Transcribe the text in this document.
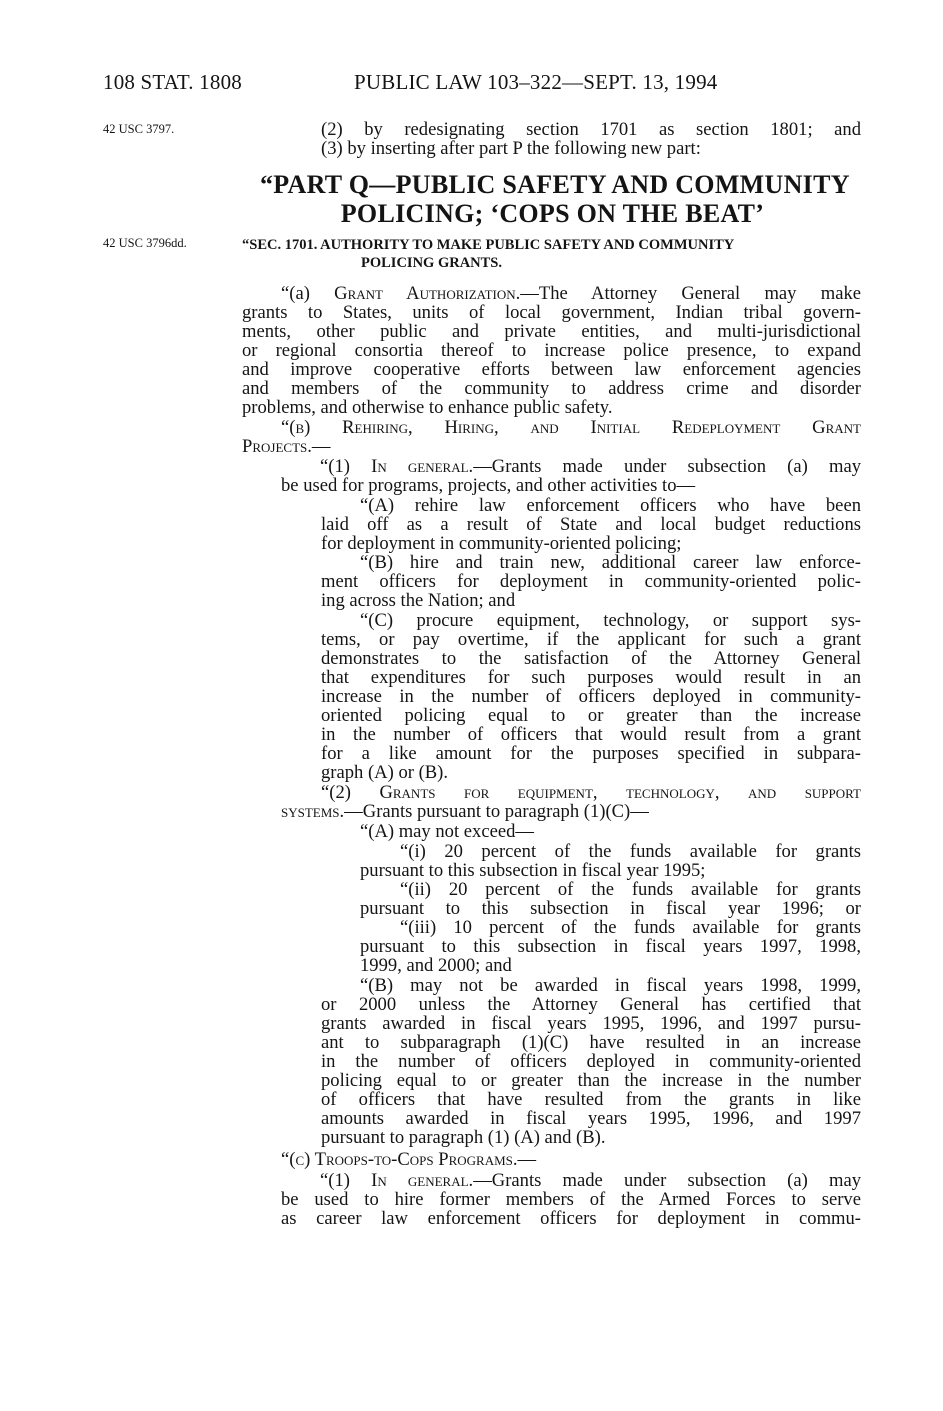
108 STAT. 1808	PUBLIC LAW 103–322—SEPT. 13, 1994
42 USC 3797.
42 USC 3796dd.
(2) by redesignating section 1701 as section 1801; and
(3) by inserting after part P the following new part:
“PART Q—PUBLIC SAFETY AND COMMUNITY
POLICING; ‘COPS ON THE BEAT’
“SEC. 1701. AUTHORITY TO MAKE PUBLIC SAFETY AND COMMUNITY
POLICING GRANTS.
“(a) Grant Authorization.—The Attorney General may make
grants to States, units of local government, Indian tribal govern-
ments, other public and private entities, and multi-jurisdictional
or regional consortia thereof to increase police presence, to expand
and improve cooperative efforts between law enforcement agencies
and members of the community to address crime and disorder
problems, and otherwise to enhance public safety.
“(b) Rehiring, Hiring, and Initial Redeployment Grant
Projects.—
“(1) In general.—Grants made under subsection (a) may
be used for programs, projects, and other activities to—
“(A) rehire law enforcement officers who have been
laid off as a result of State and local budget reductions
for deployment in community-oriented policing;
“(B) hire and train new, additional career law enforce-
ment officers for deployment in community-oriented polic-
ing across the Nation; and
“(C) procure equipment, technology, or support sys-
tems, or pay overtime, if the applicant for such a grant
demonstrates to the satisfaction of the Attorney General
that expenditures for such purposes would result in an
increase in the number of officers deployed in community-
oriented policing equal to or greater than the increase
in the number of officers that would result from a grant
for a like amount for the purposes specified in subpara-
graph (A) or (B).
“(2) Grants for equipment, technology, and support
systems.—Grants pursuant to paragraph (1)(C)—
“(A) may not exceed—
“(i) 20 percent of the funds available for grants
pursuant to this subsection in fiscal year 1995;
“(ii) 20 percent of the funds available for grants
pursuant to this subsection in fiscal year 1996; or
“(iii) 10 percent of the funds available for grants
pursuant to this subsection in fiscal years 1997, 1998,
1999, and 2000; and
“(B) may not be awarded in fiscal years 1998, 1999,
or 2000 unless the Attorney General has certified that
grants awarded in fiscal years 1995, 1996, and 1997 pursu-
ant to subparagraph (1)(C) have resulted in an increase
in the number of officers deployed in community-oriented
policing equal to or greater than the increase in the number
of officers that have resulted from the grants in like
amounts awarded in fiscal years 1995, 1996, and 1997
pursuant to paragraph (1) (A) and (B).
“(c) Troops-to-Cops Programs.—
“(1) In general.—Grants made under subsection (a) may
be used to hire former members of the Armed Forces to serve
as career law enforcement officers for deployment in commu-
